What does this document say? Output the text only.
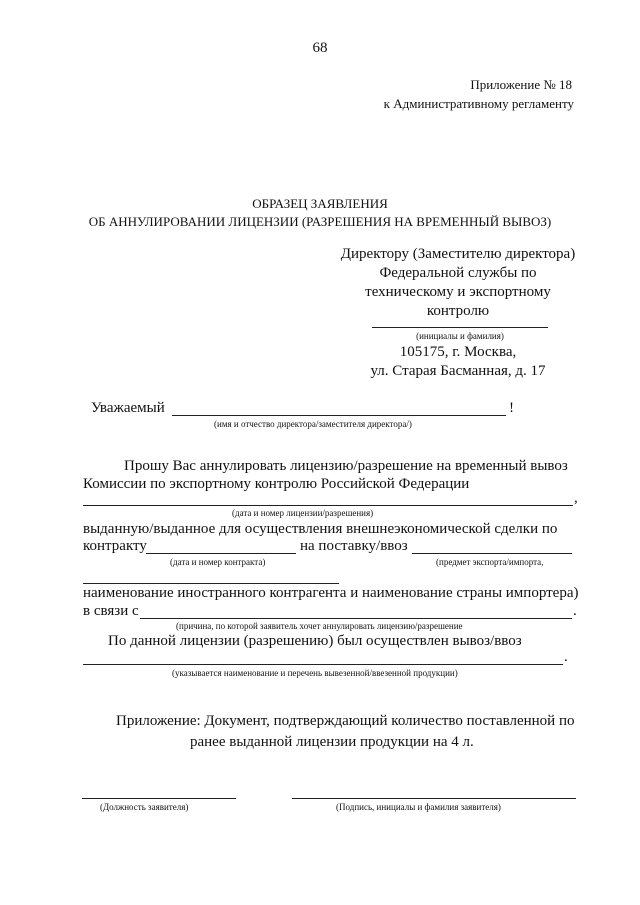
68
Приложение № 18
к Административному регламенту
ОБРАЗЕЦ ЗАЯВЛЕНИЯ
ОБ АННУЛИРОВАНИИ ЛИЦЕНЗИИ (РАЗРЕШЕНИЯ НА ВРЕМЕННЫЙ ВЫВОЗ)
Директору (Заместителю директора)
Федеральной службы по
техническому и экспортному
контролю
(инициалы и фамилия)
105175, г. Москва,
ул. Старая Басманная, д. 17
Уважаемый	!
(имя и отчество директора/заместителя директора/)
Прошу Вас аннулировать лицензию/разрешение на временный вывоз
Комиссии по экспортному контролю Российской Федерации
,
(дата и номер лицензии/разрешения)
выданную/выданное для осуществления внешнеэкономической сделки по
контракту	на поставку/ввоз
(дата и номер контракта)	(предмет экспорта/импорта,
наименование иностранного контрагента и наименование страны импортера)
в связи с	.
(причина, по которой заявитель хочет аннулировать лицензию/разрешение
По данной лицензии (разрешению) был осуществлен вывоз/ввоз
.
(указывается наименование и перечень вывезенной/ввезенной продукции)
Приложение: Документ, подтверждающий количество поставленной по
ранее выданной лицензии продукции на 4 л.
(Должность заявителя)	(Подпись, инициалы и фамилия заявителя)
